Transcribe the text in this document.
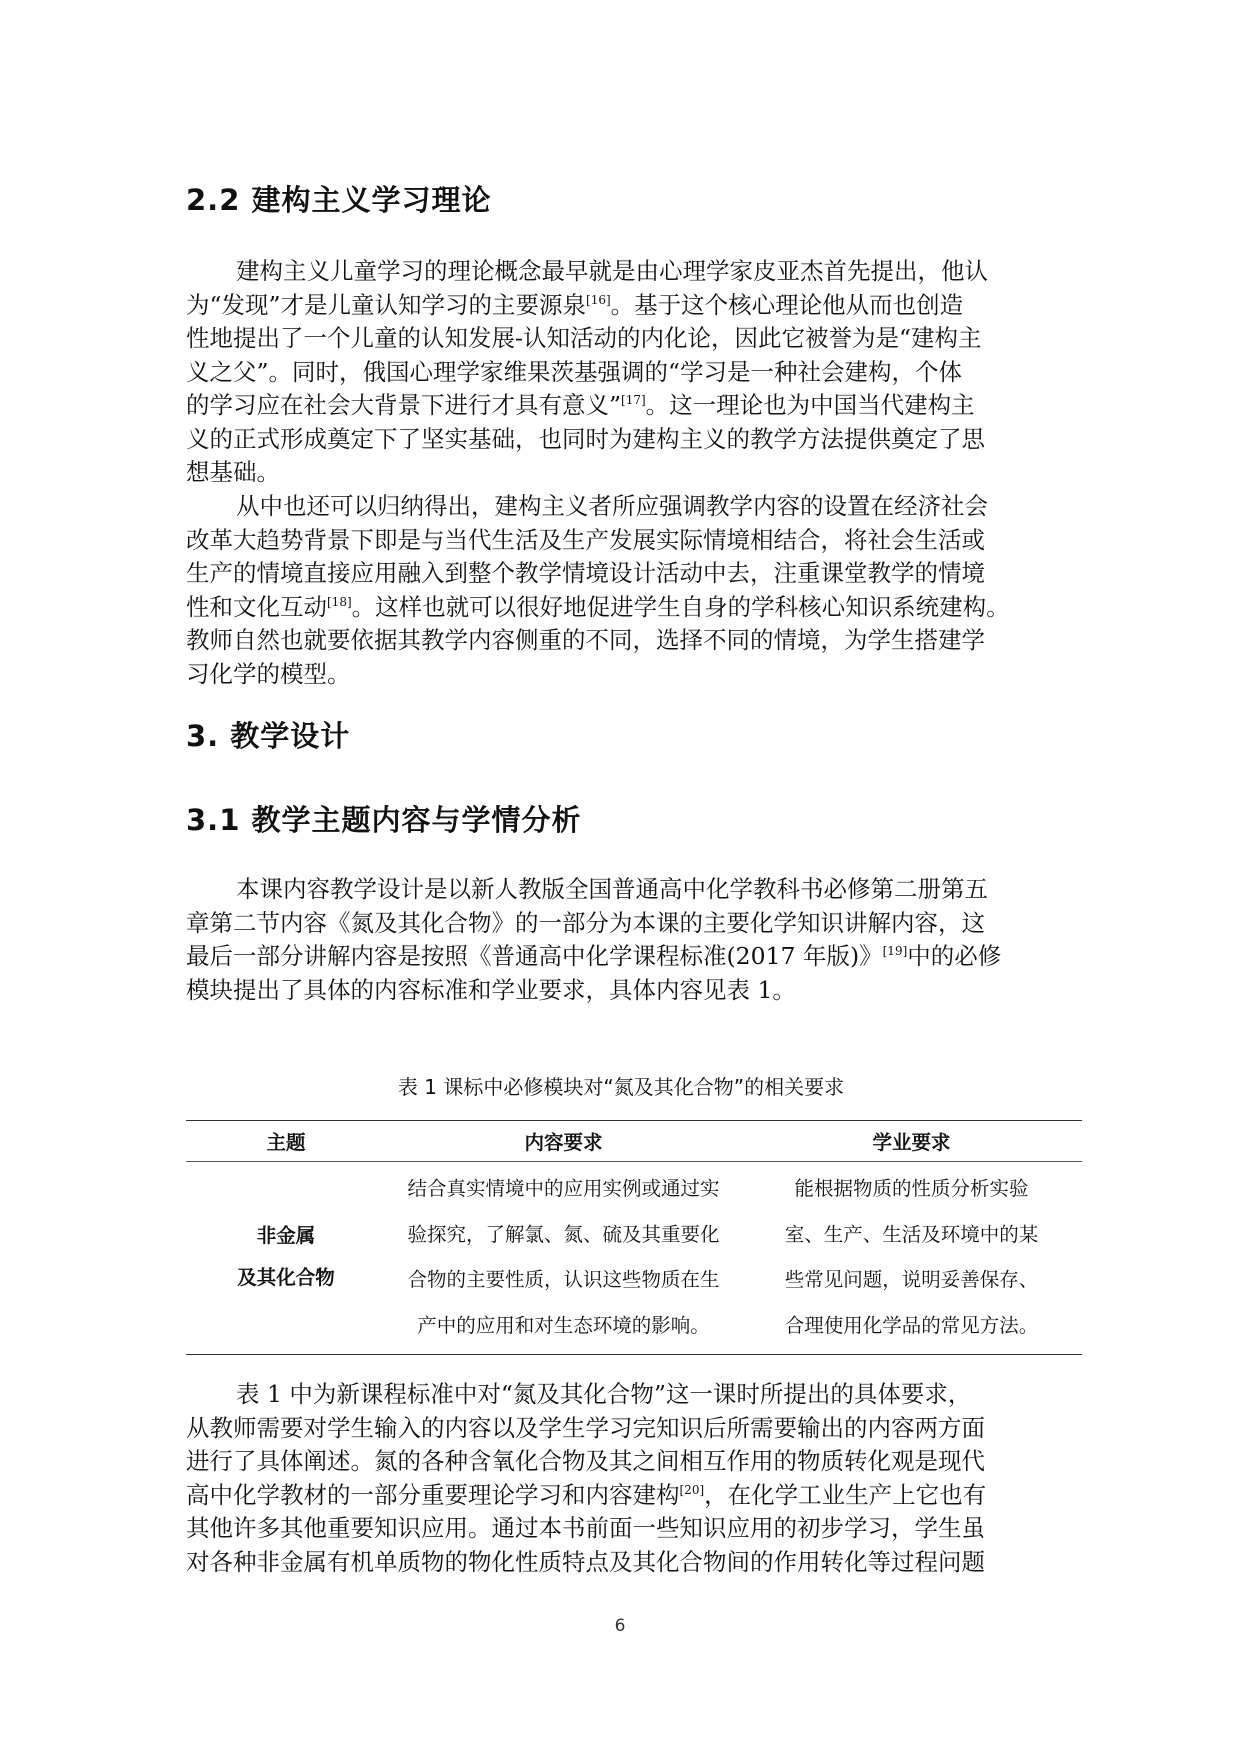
2.2 建构主义学习理论
建构主义儿童学习的理论概念最早就是由心理学家皮亚杰首先提出，他认
为“发现”才是儿童认知学习的主要源泉[16]。基于这个核心理论他从而也创造
性地提出了一个儿童的认知发展-认知活动的内化论，因此它被誉为是“建构主
义之父”。同时，俄国心理学家维果茨基强调的“学习是一种社会建构，个体
的学习应在社会大背景下进行才具有意义”[17]。这一理论也为中国当代建构主
义的正式形成奠定下了坚实基础，也同时为建构主义的教学方法提供奠定了思
想基础。
从中也还可以归纳得出，建构主义者所应强调教学内容的设置在经济社会
改革大趋势背景下即是与当代生活及生产发展实际情境相结合，将社会生活或
生产的情境直接应用融入到整个教学情境设计活动中去，注重课堂教学的情境
性和文化互动[18]。这样也就可以很好地促进学生自身的学科核心知识系统建构。
教师自然也就要依据其教学内容侧重的不同，选择不同的情境，为学生搭建学
习化学的模型。
3. 教学设计
3.1 教学主题内容与学情分析
本课内容教学设计是以新人教版全国普通高中化学教科书必修第二册第五
章第二节内容《氮及其化合物》的一部分为本课的主要化学知识讲解内容，这
最后一部分讲解内容是按照《普通高中化学课程标准(2017 年版)》[19]中的必修
模块提出了具体的内容标准和学业要求，具体内容见表 1。

表 1 课标中必修模块对“氮及其化合物”的相关要求

主题	内容要求	学业要求

非金属
及其化合物	结合真实情境中的应用实例或通过实
验探究，了解氯、氮、硫及其重要化
合物的主要性质，认识这些物质在生
产中的应用和对生态环境的影响。	能根据物质的性质分析实验
室、生产、生活及环境中的某
些常见问题，说明妥善保存、
合理使用化学品的常见方法。
表 1 中为新课程标准中对“氮及其化合物”这一课时所提出的具体要求，
从教师需要对学生输入的内容以及学生学习完知识后所需要输出的内容两方面
进行了具体阐述。氮的各种含氧化合物及其之间相互作用的物质转化观是现代
高中化学教材的一部分重要理论学习和内容建构[20]，在化学工业生产上它也有
其他许多其他重要知识应用。通过本书前面一些知识应用的初步学习，学生虽
对各种非金属有机单质物的物化性质特点及其化合物间的作用转化等过程问题
6
